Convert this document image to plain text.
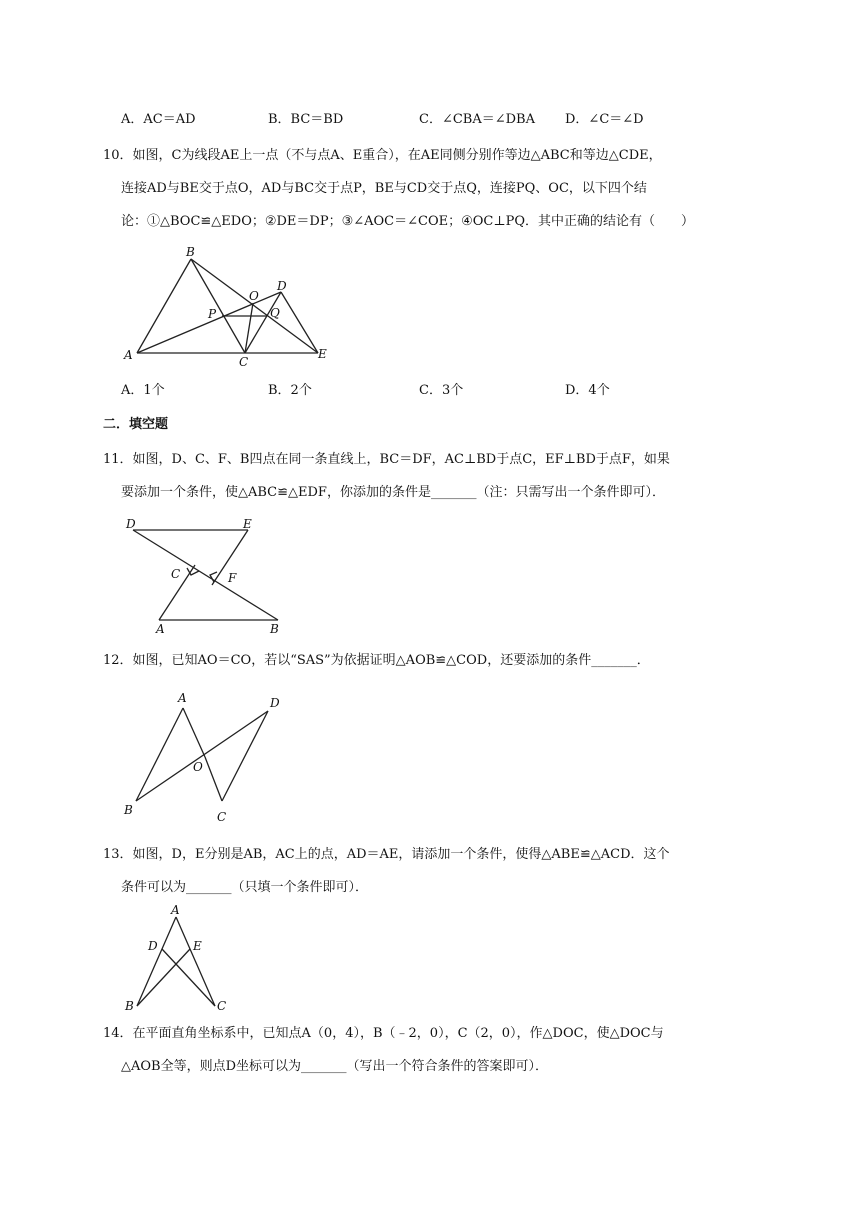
A．AC＝AD	B．BC＝BD	C．∠CBA＝∠DBA D．∠C＝∠D
10．如图，C为线段AE上一点（不与点A、E重合），在AE同侧分别作等边△ABC和等边△CDE，
连接AD与BE交于点O，AD与BC交于点P，BE与CD交于点Q，连接PQ、OC，以下四个结
论：①△BOC≌△EDO；②DE＝DP；③∠AOC＝∠COE；④OC⊥PQ．其中正确的结论有（　　）
B
O
D
P	Q
A	C
E
D	E
C	F
A	B
A	D
O
B	C
A
D	E
B	C
A．1个	B．2个	C．3个	D．4个
二．填空题
11．如图，D、C、F、B四点在同一条直线上，BC＝DF，AC⊥BD于点C，EF⊥BD于点F，如果
要添加一个条件，使△ABC≌△EDF，你添加的条件是_______（注：只需写出一个条件即可）．
12．如图，已知AO＝CO，若以“SAS”为依据证明△AOB≌△COD，还要添加的条件_______．
13．如图，D，E分别是AB，AC上的点，AD＝AE，请添加一个条件，使得△ABE≌△ACD．这个
条件可以为_______（只填一个条件即可）．
14．在平面直角坐标系中，已知点A（0，4），B（﹣2，0），C（2，0），作△DOC，使△DOC与
△AOB全等，则点D坐标可以为_______（写出一个符合条件的答案即可）．
